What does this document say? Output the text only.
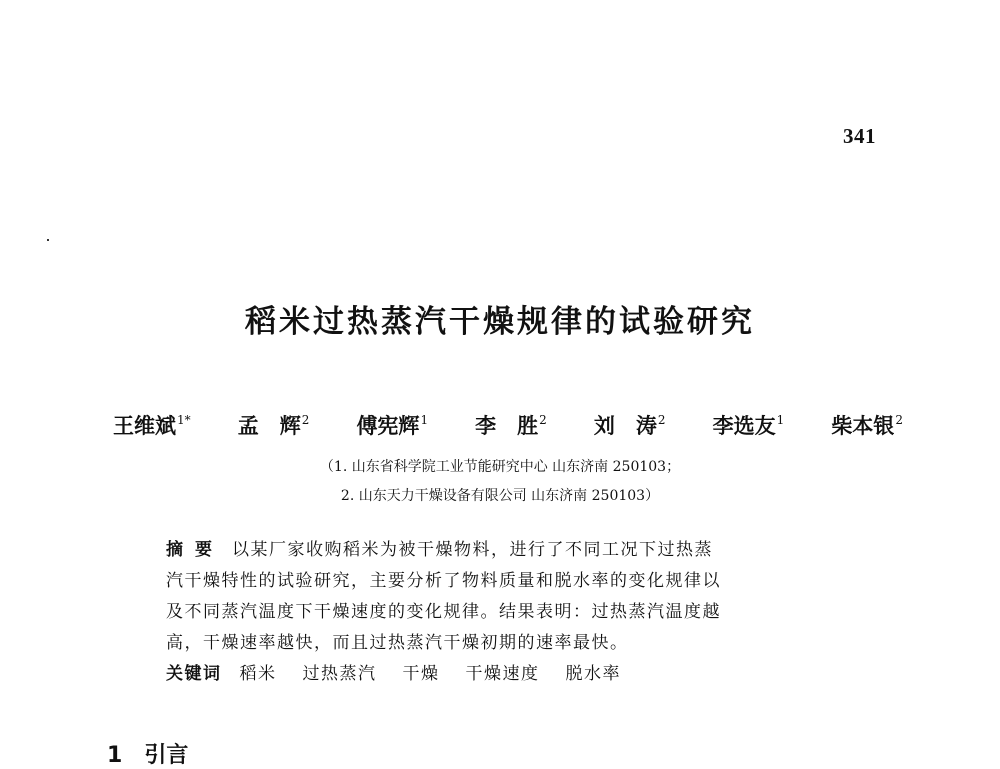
341
稻米过热蒸汽干燥规律的试验研究
王维斌$^{1*}$ 孟　辉$^2$ 傅宪辉$^1$ 李　胜$^2$ 刘　涛$^2$ 李选友$^1$ 柴本银$^2$
（1. 山东省科学院工业节能研究中心 山东济南 250103；
2. 山东天力干燥设备有限公司 山东济南 250103）
摘要 以某厂家收购稻米为被干燥物料，进行了不同工况下过热蒸
汽干燥特性的试验研究，主要分析了物料质量和脱水率的变化规律以
及不同蒸汽温度下干燥速度的变化规律。结果表明：过热蒸汽温度越
高，干燥速率越快，而且过热蒸汽干燥初期的速率最快。
关键词 稻米 过热蒸汽 干燥 干燥速度 脱水率
1 引言
